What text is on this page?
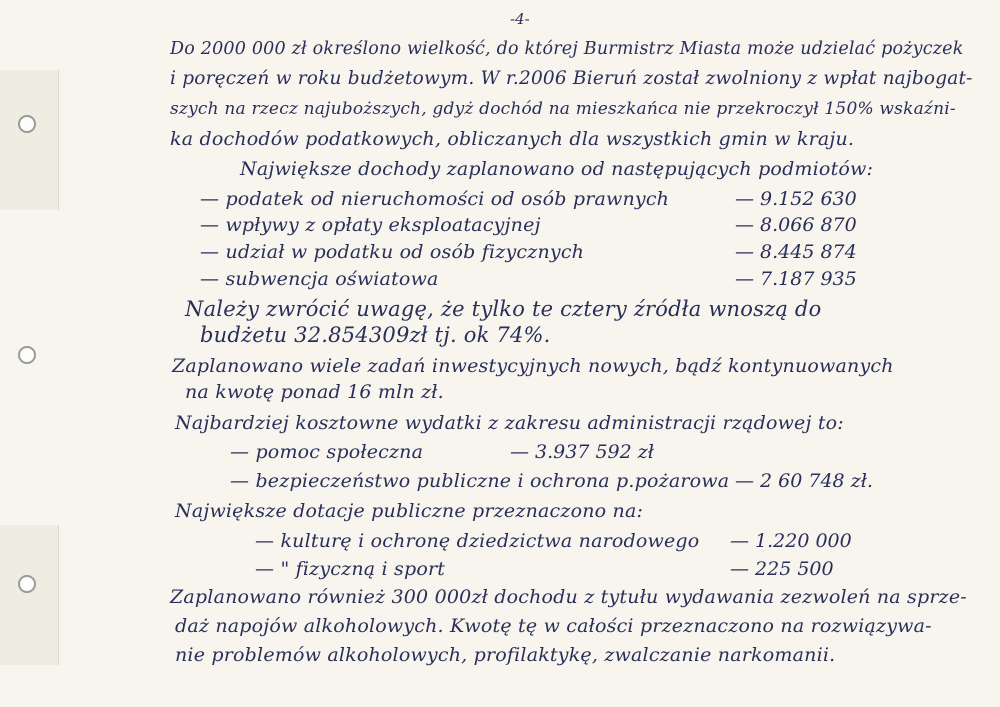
-4-
Do 2000 000 zł określono wielkość, do której Burmistrz Miasta może udzielać pożyczek
i poręczeń w roku budżetowym. W r.2006 Bieruń został zwolniony z wpłat najbogat-
szych na rzecz najuboższych, gdyż dochód na mieszkańca nie przekroczył 150% wskaźni-
ka dochodów podatkowych, obliczanych dla wszystkich gmin w kraju.
Największe dochody zaplanowano od następujących podmiotów:
— podatek od nieruchomości od osób prawnych	— 9.152 630
— wpływy z opłaty eksploatacyjnej	— 8.066 870
— udział w podatku od osób fizycznych	— 8.445 874
— subwencja oświatowa	— 7.187 935
Należy zwrócić uwagę, że tylko te cztery źródła wnoszą do
budżetu 32.854309zł tj. ok 74%.
Zaplanowano wiele zadań inwestycyjnych nowych, bądź kontynuowanych
na kwotę ponad 16 mln zł.
Najbardziej kosztowne wydatki z zakresu administracji rządowej to:
— pomoc społeczna	— 3.937 592 zł
— bezpieczeństwo publiczne i ochrona p.pożarowa — 2 60 748 zł.
Największe dotacje publiczne przeznaczono na:
— kulturę i ochronę dziedzictwa narodowego — 1.220 000
— " fizyczną i sport	— 225 500
Zaplanowano również 300 000zł dochodu z tytułu wydawania zezwoleń na sprze-
daż napojów alkoholowych. Kwotę tę w całości przeznaczono na rozwiązywa-
nie problemów alkoholowych, profilaktykę, zwalczanie narkomanii.
